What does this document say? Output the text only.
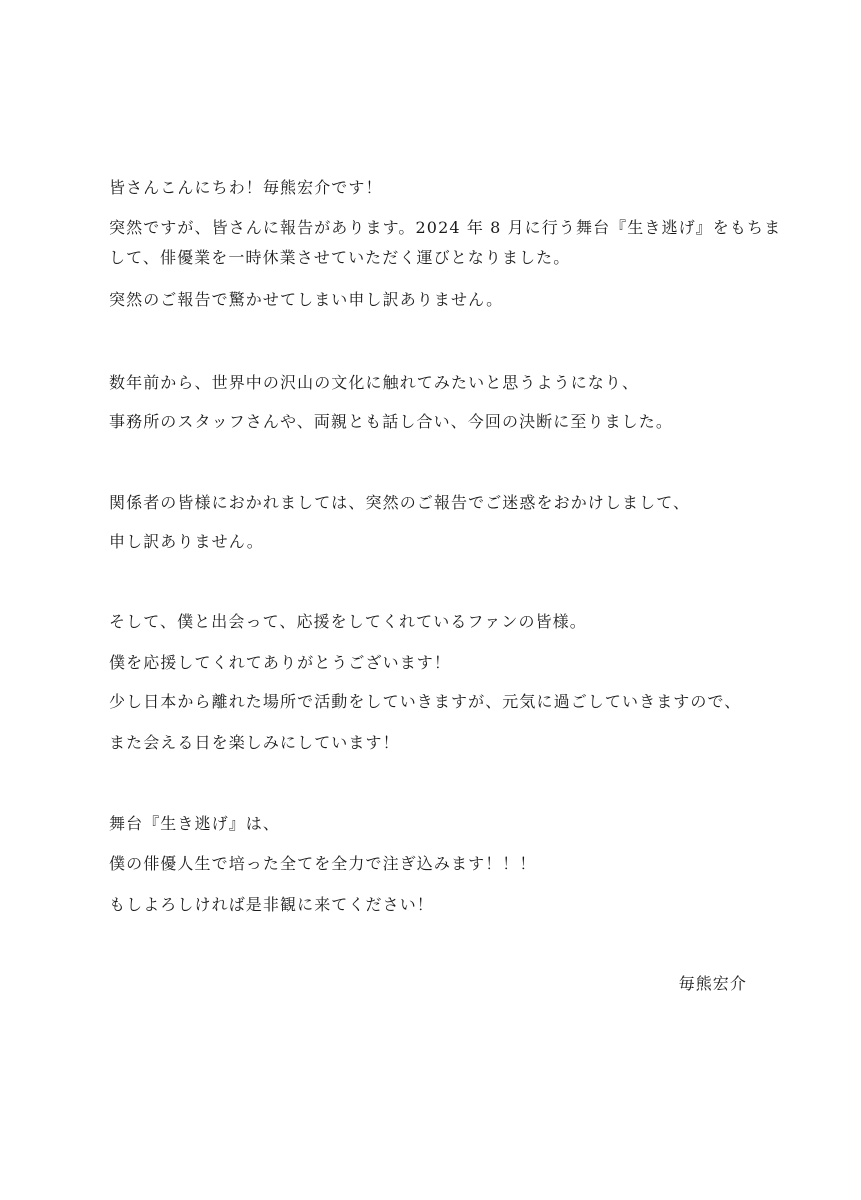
皆さんこんにちわ！毎熊宏介です！
突然ですが、皆さんに報告があります。2024 年 8 月に行う舞台『生き逃げ』をもちま
して、俳優業を一時休業させていただく運びとなりました。
突然のご報告で驚かせてしまい申し訳ありません。
数年前から、世界中の沢山の文化に触れてみたいと思うようになり、
事務所のスタッフさんや、両親とも話し合い、今回の決断に至りました。
関係者の皆様におかれましては、突然のご報告でご迷惑をおかけしまして、
申し訳ありません。
そして、僕と出会って、応援をしてくれているファンの皆様。
僕を応援してくれてありがとうございます！
少し日本から離れた場所で活動をしていきますが、元気に過ごしていきますので、
また会える日を楽しみにしています！
舞台『生き逃げ』は、
僕の俳優人生で培った全てを全力で注ぎ込みます！！！
もしよろしければ是非観に来てください！
毎熊宏介
